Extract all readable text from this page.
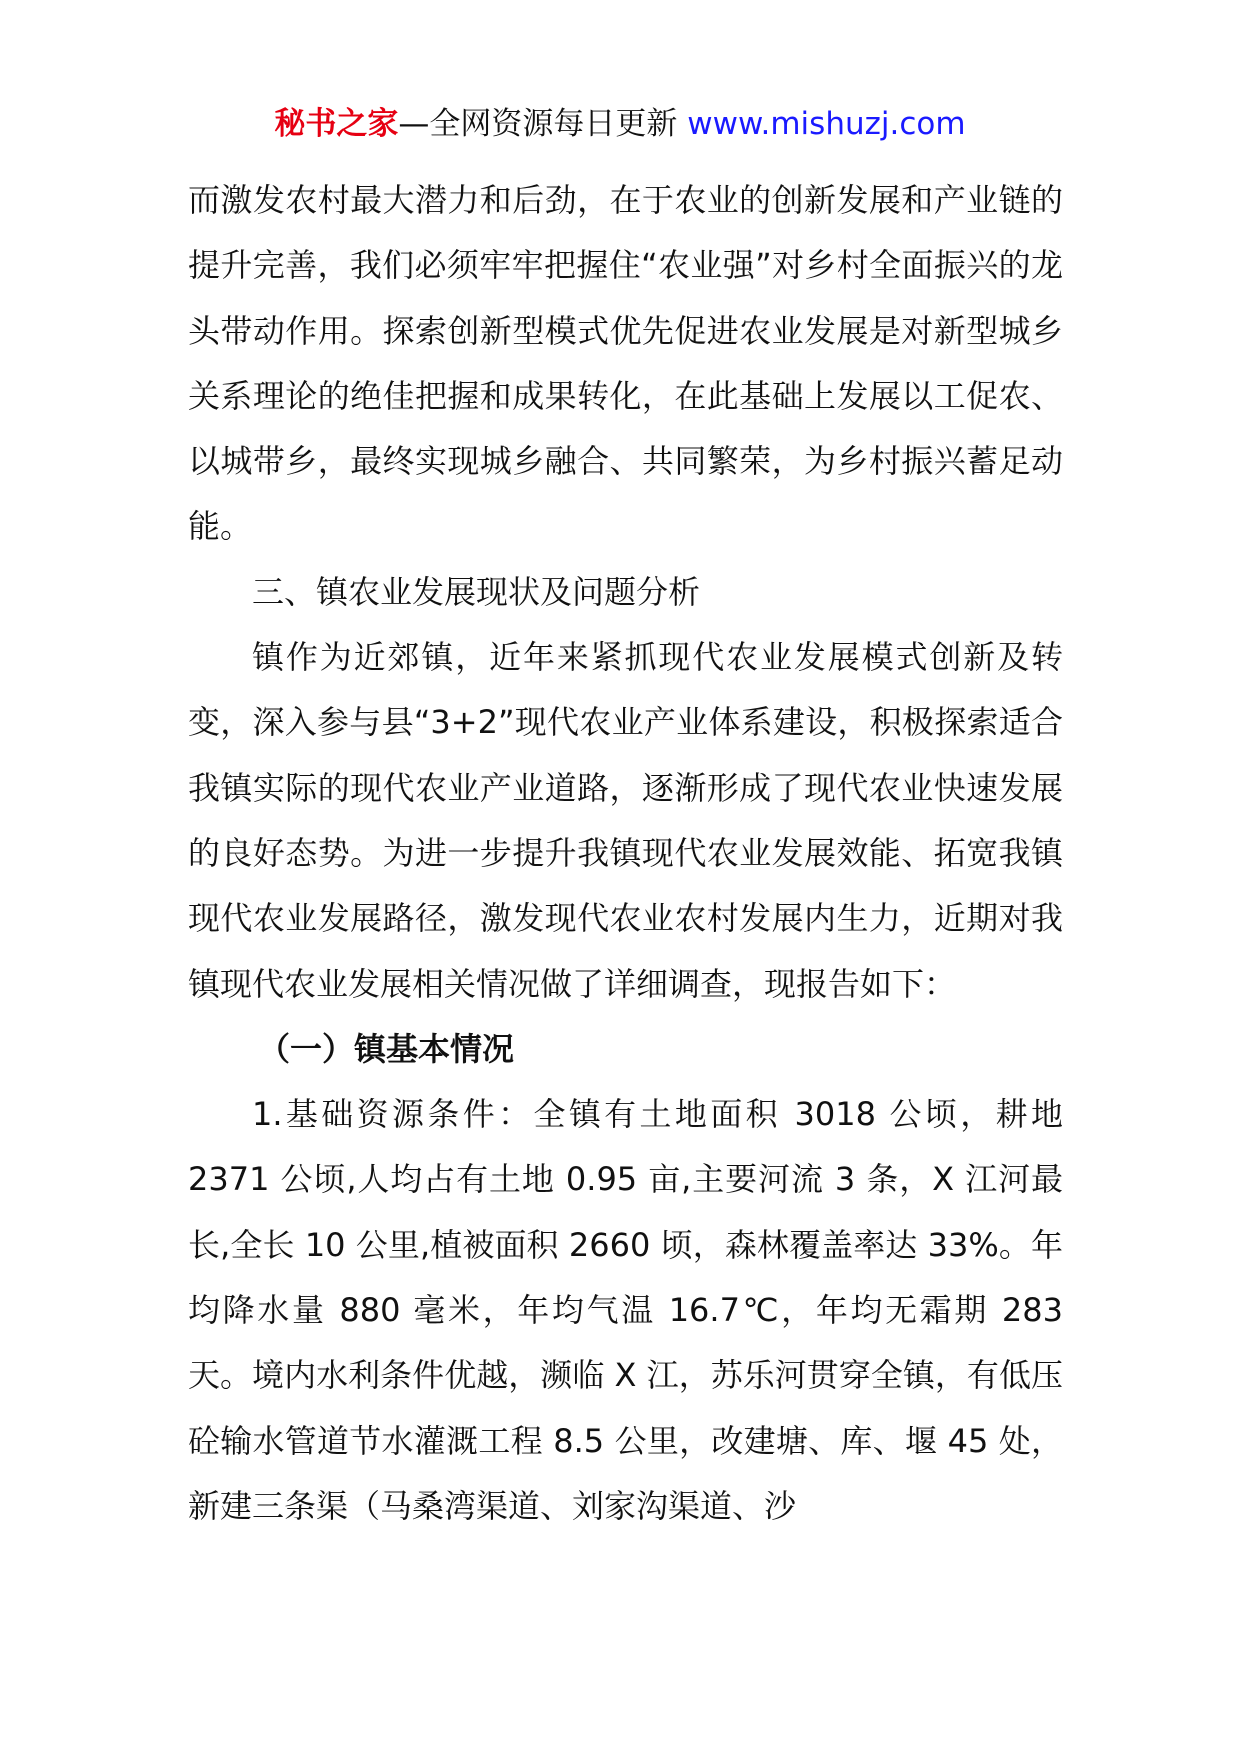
秘书之家—全网资源每日更新 www.mishuzj.com

而激发农村最大潜力和后劲，在于农业的创新发展和产业链的提升完善，我们必须牢牢把握住“农业强”对乡村全面振兴的龙头带动作用。探索创新型模式优先促进农业发展是对新型城乡关系理论的绝佳把握和成果转化，在此基础上发展以工促农、以城带乡，最终实现城乡融合、共同繁荣，为乡村振兴蓄足动能。

三、镇农业发展现状及问题分析

镇作为近郊镇，近年来紧抓现代农业发展模式创新及转变，深入参与县“3+2”现代农业产业体系建设，积极探索适合我镇实际的现代农业产业道路，逐渐形成了现代农业快速发展的良好态势。为进一步提升我镇现代农业发展效能、拓宽我镇现代农业发展路径，激发现代农业农村发展内生力，近期对我镇现代农业发展相关情况做了详细调查，现报告如下：

（一）镇基本情况

1.基础资源条件：全镇有土地面积 3018 公顷，耕地 2371 公顷,人均占有土地 0.95 亩,主要河流 3 条，X 江河最长,全长 10 公里,植被面积 2660 顷，森林覆盖率达 33%。年均降水量 880 毫米，年均气温 16.7℃，年均无霜期 283 天。境内水利条件优越，濒临 X 江，苏乐河贯穿全镇，有低压砼输水管道节水灌溉工程 8.5 公里，改建塘、库、堰 45 处，新建三条渠（马桑湾渠道、刘家沟渠道、沙
